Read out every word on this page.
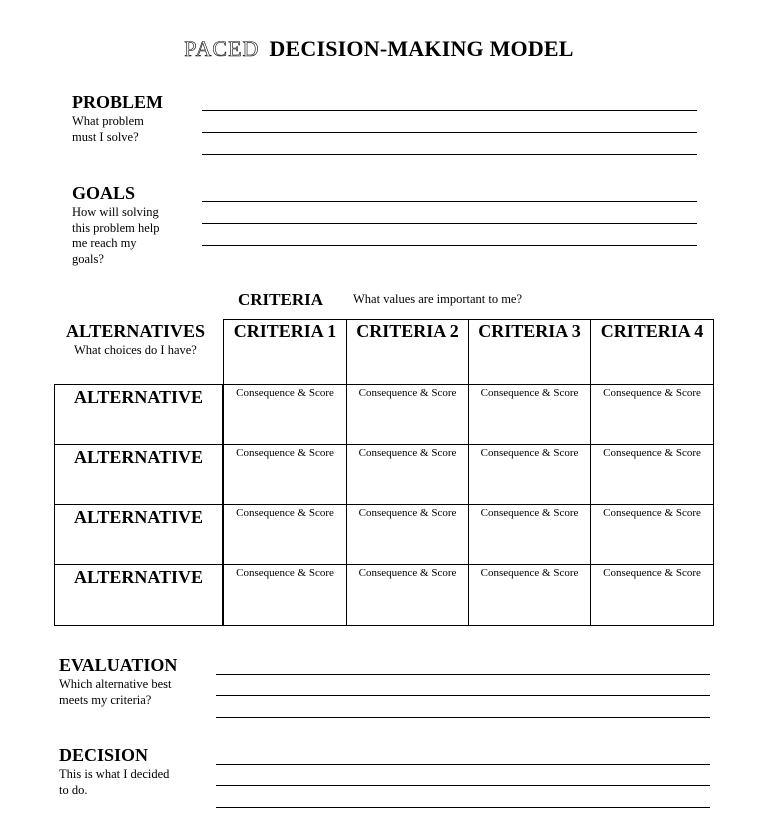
PACED DECISION-MAKING MODEL
PROBLEM
What problem
must I solve?
GOALS
How will solving
this problem help
me reach my
goals?
CRITERIA What values are important to me?
ALTERNATIVES
What choices do I have?
CRITERIA 1	CRITERIA 2	CRITERIA 3	CRITERIA 4
ALTERNATIVE	Consequence & Score	Consequence & Score	Consequence & Score	Consequence & Score
ALTERNATIVE	Consequence & Score	Consequence & Score	Consequence & Score	Consequence & Score
ALTERNATIVE	Consequence & Score	Consequence & Score	Consequence & Score	Consequence & Score
ALTERNATIVE	Consequence & Score	Consequence & Score	Consequence & Score	Consequence & Score
EVALUATION
Which alternative best
meets my criteria?
DECISION
This is what I decided
to do.
